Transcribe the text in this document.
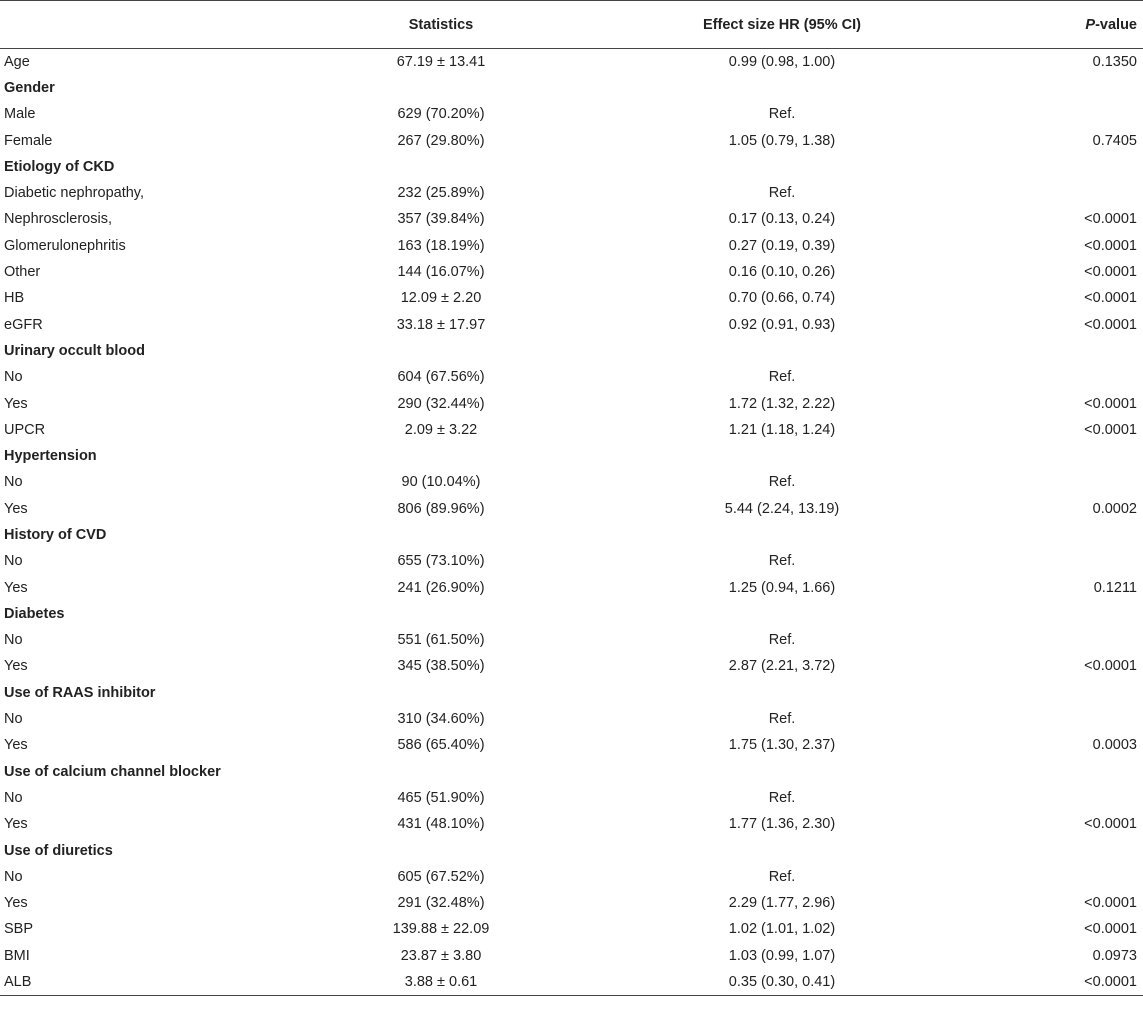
	Statistics	Effect size HR (95% CI)	P-value
Age	67.19 ± 13.41	0.99 (0.98, 1.00)	0.1350
Gender			
Male	629 (70.20%)	Ref.	
Female	267 (29.80%)	1.05 (0.79, 1.38)	0.7405
Etiology of CKD			
Diabetic nephropathy,	232 (25.89%)	Ref.	
Nephrosclerosis,	357 (39.84%)	0.17 (0.13, 0.24)	<0.0001
Glomerulonephritis	163 (18.19%)	0.27 (0.19, 0.39)	<0.0001
Other	144 (16.07%)	0.16 (0.10, 0.26)	<0.0001
HB	12.09 ± 2.20	0.70 (0.66, 0.74)	<0.0001
eGFR	33.18 ± 17.97	0.92 (0.91, 0.93)	<0.0001
Urinary occult blood			
No	604 (67.56%)	Ref.	
Yes	290 (32.44%)	1.72 (1.32, 2.22)	<0.0001
UPCR	2.09 ± 3.22	1.21 (1.18, 1.24)	<0.0001
Hypertension			
No	90 (10.04%)	Ref.	
Yes	806 (89.96%)	5.44 (2.24, 13.19)	0.0002
History of CVD			
No	655 (73.10%)	Ref.	
Yes	241 (26.90%)	1.25 (0.94, 1.66)	0.1211
Diabetes			
No	551 (61.50%)	Ref.	
Yes	345 (38.50%)	2.87 (2.21, 3.72)	<0.0001
Use of RAAS inhibitor			
No	310 (34.60%)	Ref.	
Yes	586 (65.40%)	1.75 (1.30, 2.37)	0.0003
Use of calcium channel blocker			
No	465 (51.90%)	Ref.	
Yes	431 (48.10%)	1.77 (1.36, 2.30)	<0.0001
Use of diuretics			
No	605 (67.52%)	Ref.	
Yes	291 (32.48%)	2.29 (1.77, 2.96)	<0.0001
SBP	139.88 ± 22.09	1.02 (1.01, 1.02)	<0.0001
BMI	23.87 ± 3.80	1.03 (0.99, 1.07)	0.0973
ALB	3.88 ± 0.61	0.35 (0.30, 0.41)	<0.0001
